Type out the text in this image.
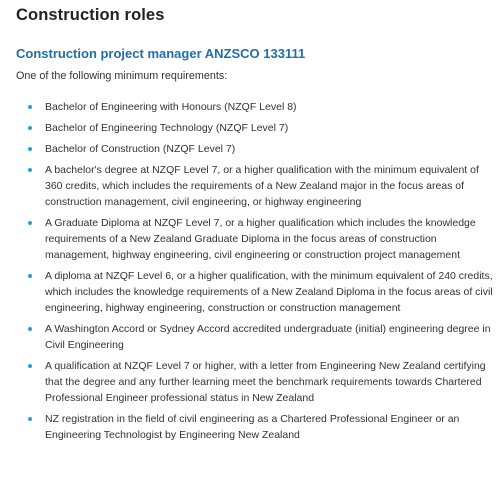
Construction roles
Construction project manager ANZSCO 133111

One of the following minimum requirements:

Bachelor of Engineering with Honours (NZQF Level 8)
Bachelor of Engineering Technology (NZQF Level 7)
Bachelor of Construction (NZQF Level 7)
A bachelor's degree at NZQF Level 7, or a higher qualification with the minimum equivalent of 360 credits, which includes the requirements of a New Zealand major in the focus areas of construction management, civil engineering, or highway engineering
A Graduate Diploma at NZQF Level 7, or a higher qualification which includes the knowledge requirements of a New Zealand Graduate Diploma in the focus areas of construction management, highway engineering, civil engineering or construction project management
A diploma at NZQF Level 6, or a higher qualification, with the minimum equivalent of 240 credits, which includes the knowledge requirements of a New Zealand Diploma in the focus areas of civil engineering, highway engineering, construction or construction management
A Washington Accord or Sydney Accord accredited undergraduate (initial) engineering degree in Civil Engineering
A qualification at NZQF Level 7 or higher, with a letter from Engineering New Zealand certifying that the degree and any further learning meet the benchmark requirements towards Chartered Professional Engineer professional status in New Zealand
NZ registration in the field of civil engineering as a Chartered Professional Engineer or an Engineering Technologist by Engineering New Zealand
